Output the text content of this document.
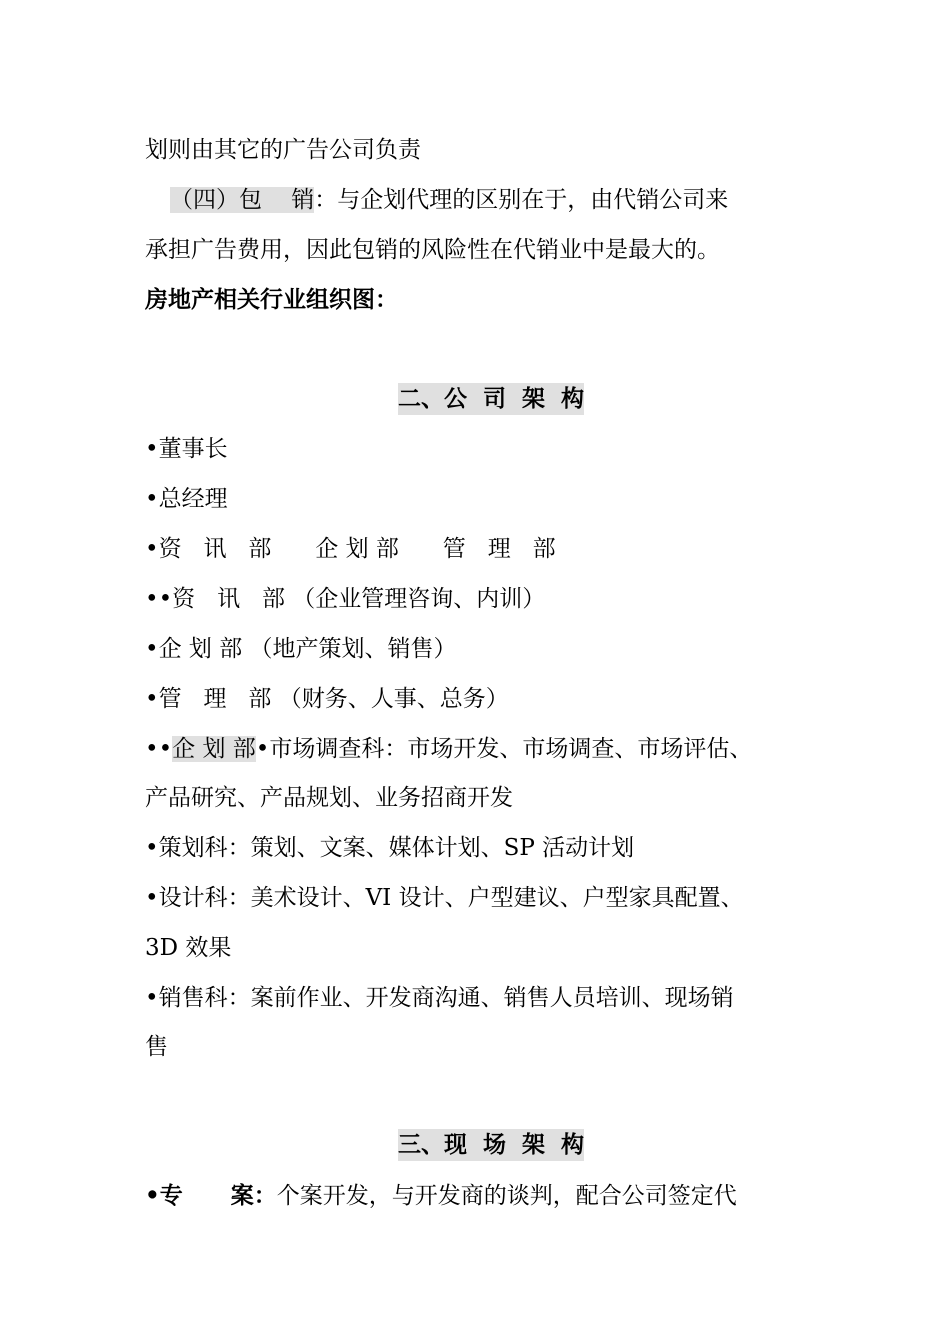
划则由其它的广告公司负责
（四）包    销：与企划代理的区别在于，由代销公司来
承担广告费用，因此包销的风险性在代销业中是最大的。
房地产相关行业组织图：
二、公  司  架  构
•董事长
•总经理
•资   讯   部      企 划 部      管   理   部
••资   讯   部 （企业管理咨询、内训）
•企 划 部 （地产策划、销售）
•管   理   部 （财务、人事、总务）
••企 划 部•市场调查科：市场开发、市场调查、市场评估、
产品研究、产品规划、业务招商开发
•策划科：策划、文案、媒体计划、SP 活动计划
•设计科：美术设计、VI 设计、户型建议、户型家具配置、
3D 效果
•销售科：案前作业、开发商沟通、销售人员培训、现场销
售
三、现  场  架  构
•专      案：个案开发，与开发商的谈判，配合公司签定代
